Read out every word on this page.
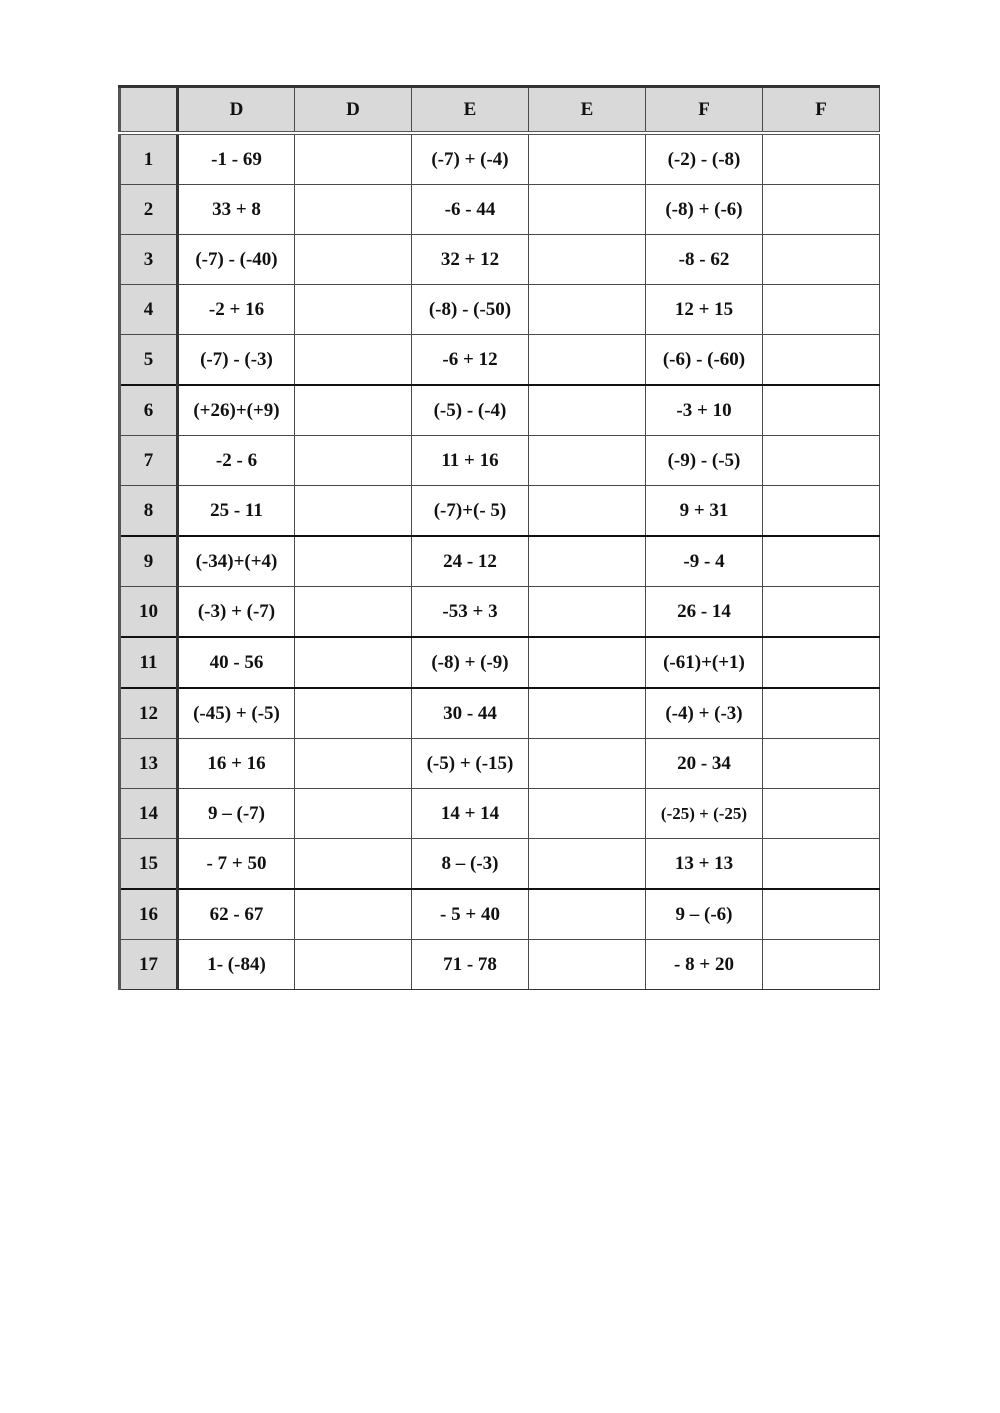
	D	D	E	E	F	F
1	-1 - 69		(-7) + (-4)		(-2) - (-8)	
2	33 + 8		-6 - 44		(-8) + (-6)	
3	(-7) - (-40)		32 + 12		-8 - 62	
4	-2 + 16		(-8) - (-50)		12 + 15	
5	(-7) - (-3)		-6 + 12		(-6) - (-60)	
6	(+26)+(+9)		(-5) - (-4)		-3 + 10	
7	-2 - 6		11 + 16		(-9) - (-5)	
8	25 - 11		(-7)+(- 5)		9 + 31	
9	(-34)+(+4)		24 - 12		-9 - 4	
10	(-3) + (-7)		-53 + 3		26 - 14	
11	40 - 56		(-8) + (-9)		(-61)+(+1)	
12	(-45) + (-5)		30 - 44		(-4) + (-3)	
13	16 + 16		(-5) + (-15)		20 - 34	
14	9 – (-7)		14 + 14		(-25) + (-25)	
15	- 7 + 50		8 – (-3)		13 + 13	
16	62 - 67		- 5 + 40		9 – (-6)	
17	1- (-84)		71 - 78		- 8 + 20	
